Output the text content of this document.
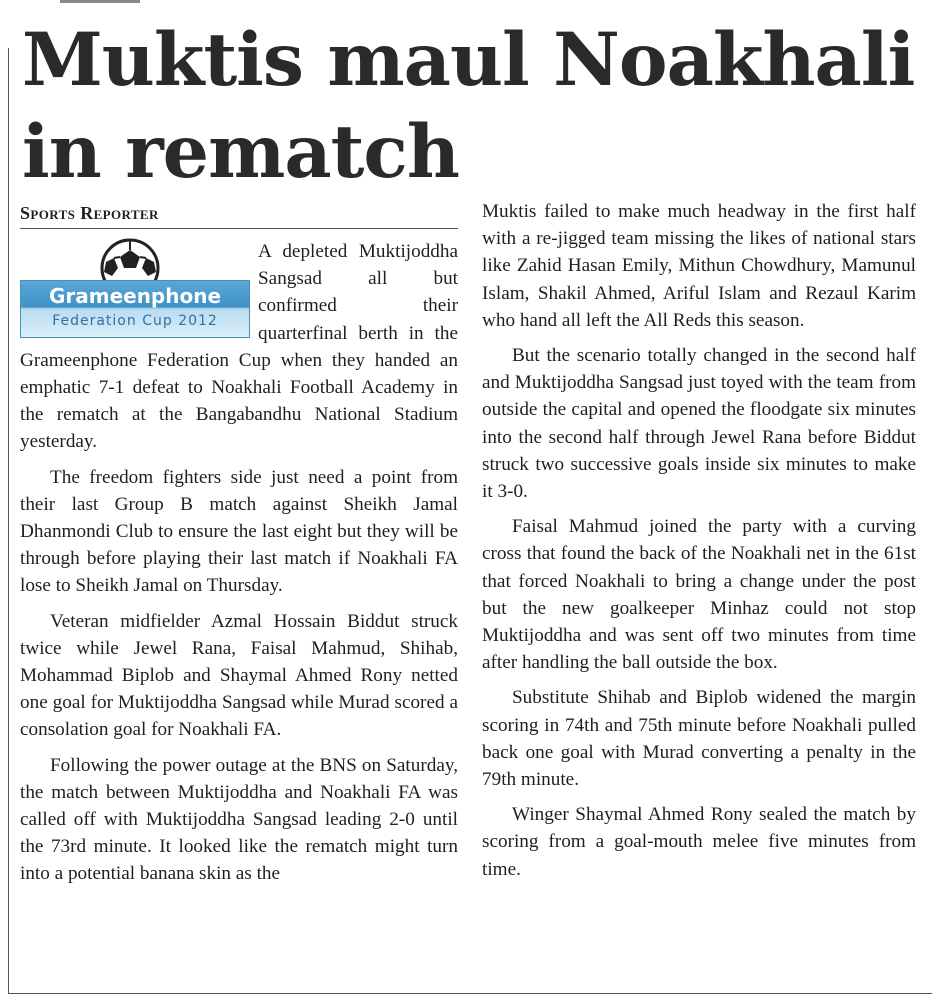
Muktis maul Noakhali
in rematch
Sports Reporter
Grameenphone
Federation Cup 2012

A depleted Muktijoddha Sangsad all but confirmed their quarterfinal berth in the Grameenphone Federation Cup when they handed an emphatic 7-1 defeat to Noakhali Football Academy in the rematch at the Bangabandhu National Stadium yesterday.

The freedom fighters side just need a point from their last Group B match against Sheikh Jamal Dhanmondi Club to ensure the last eight but they will be through before playing their last match if Noakhali FA lose to Sheikh Jamal on Thursday.

Veteran midfielder Azmal Hossain Biddut struck twice while Jewel Rana, Faisal Mahmud, Shihab, Mohammad Biplob and Shaymal Ahmed Rony netted one goal for Muktijoddha Sangsad while Murad scored a consolation goal for Noakhali FA.

Following the power outage at the BNS on Saturday, the match between Muktijoddha and Noakhali FA was called off with Muktijoddha Sangsad leading 2-0 until the 73rd minute. It looked like the rematch might turn into a potential banana skin as the

Muktis failed to make much headway in the first half with a re-jigged team missing the likes of national stars like Zahid Hasan Emily, Mithun Chowdhury, Mamunul Islam, Shakil Ahmed, Ariful Islam and Rezaul Karim who hand all left the All Reds this season.

But the scenario totally changed in the second half and Muktijoddha Sangsad just toyed with the team from outside the capital and opened the floodgate six minutes into the second half through Jewel Rana before Biddut struck two successive goals inside six minutes to make it 3-0.

Faisal Mahmud joined the party with a curving cross that found the back of the Noakhali net in the 61st that forced Noakhali to bring a change under the post but the new goalkeeper Minhaz could not stop Muktijoddha and was sent off two minutes from time after handling the ball outside the box.

Substitute Shihab and Biplob widened the margin scoring in 74th and 75th minute before Noakhali pulled back one goal with Murad converting a penalty in the 79th minute.

Winger Shaymal Ahmed Rony sealed the match by scoring from a goal-mouth melee five minutes from time.
